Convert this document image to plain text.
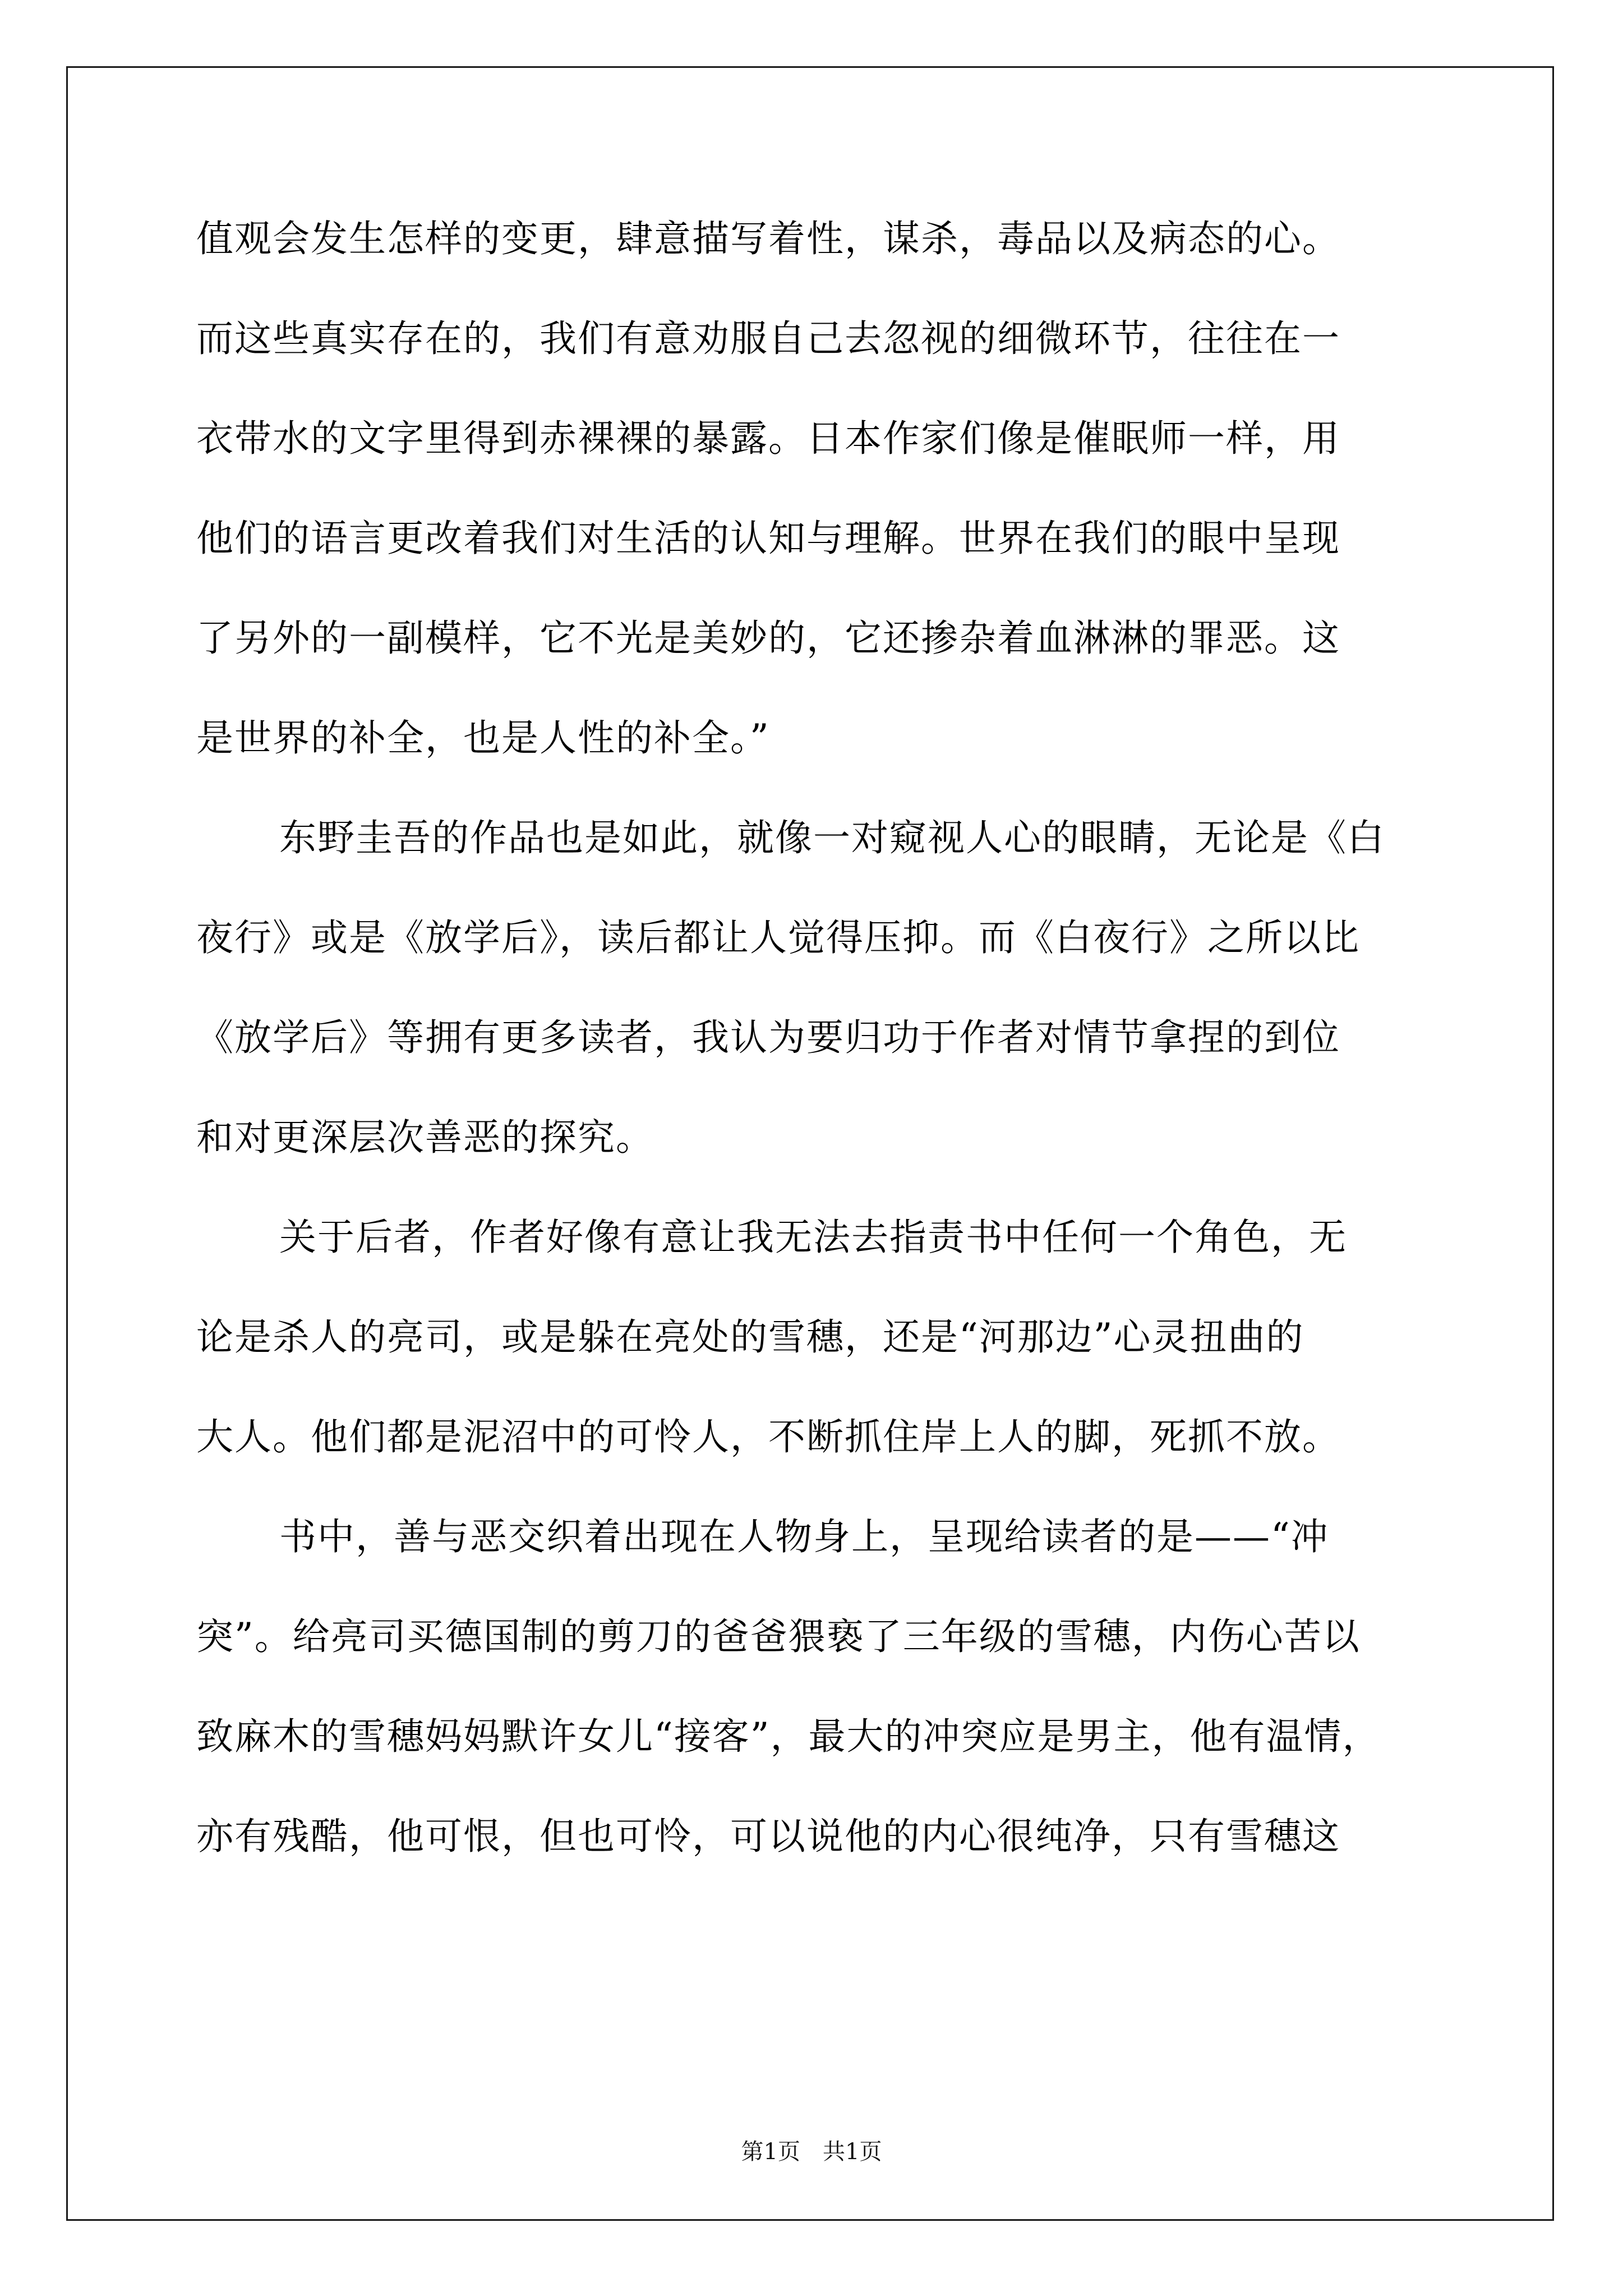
值观会发生怎样的变更，肆意描写着性，谋杀，毒品以及病态的心。
而这些真实存在的，我们有意劝服自己去忽视的细微环节，往往在一
衣带水的文字里得到赤裸裸的暴露。日本作家们像是催眠师一样，用
他们的语言更改着我们对生活的认知与理解。世界在我们的眼中呈现
了另外的一副模样，它不光是美妙的，它还掺杂着血淋淋的罪恶。这
是世界的补全，也是人性的补全。”
东野圭吾的作品也是如此，就像一对窥视人心的眼睛，无论是《白
夜行》或是《放学后》，读后都让人觉得压抑。而《白夜行》之所以比
《放学后》等拥有更多读者，我认为要归功于作者对情节拿捏的到位
和对更深层次善恶的探究。
关于后者，作者好像有意让我无法去指责书中任何一个角色，无
论是杀人的亮司，或是躲在亮处的雪穗，还是“河那边”心灵扭曲的
大人。他们都是泥沼中的可怜人，不断抓住岸上人的脚，死抓不放。
书中，善与恶交织着出现在人物身上，呈现给读者的是——“冲
突”。给亮司买德国制的剪刀的爸爸猥亵了三年级的雪穗，内伤心苦以
致麻木的雪穗妈妈默许女儿“接客”，最大的冲突应是男主，他有温情，
亦有残酷，他可恨，但也可怜，可以说他的内心很纯净，只有雪穗这
第1页　共1页
